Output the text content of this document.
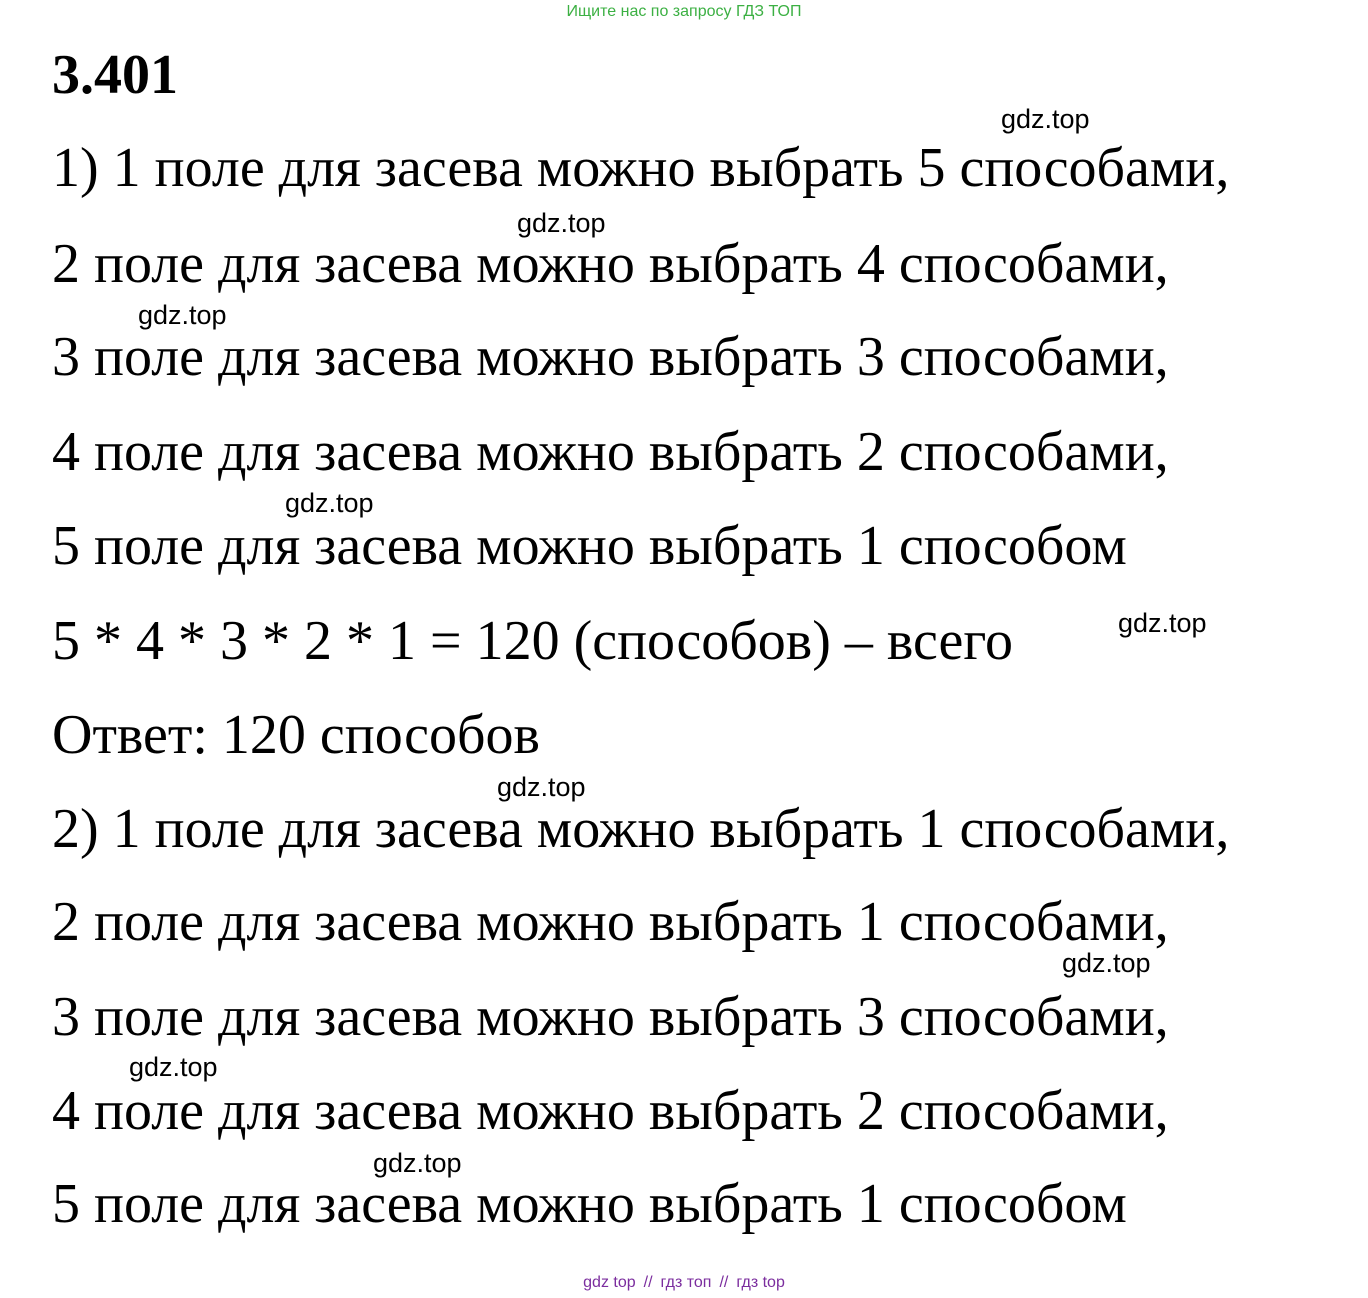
Ищите нас по запросу ГДЗ ТОП
3.401
1) 1 поле для засева можно выбрать 5 способами,
2 поле для засева можно выбрать 4 способами,
3 поле для засева можно выбрать 3 способами,
4 поле для засева можно выбрать 2 способами,
5 поле для засева можно выбрать 1 способом
5 * 4 * 3 * 2 * 1 = 120 (способов) – всего
Ответ: 120 способов
2) 1 поле для засева можно выбрать 1 способами,
2 поле для засева можно выбрать 1 способами,
3 поле для засева можно выбрать 3 способами,
4 поле для засева можно выбрать 2 способами,
5 поле для засева можно выбрать 1 способом
gdz.top
gdz.top
gdz.top
gdz.top
gdz.top
gdz.top
gdz.top
gdz.top
gdz.top
gdz top // гдз топ // гдз top
